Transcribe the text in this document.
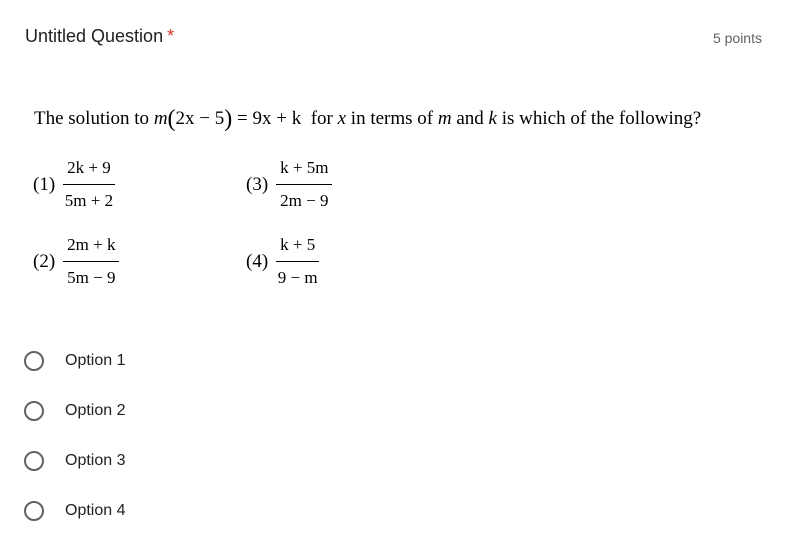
Untitled Question *	5 points
The solution to m(2x − 5) = 9x + k for x in terms of m and k is which of the following?
$(1) \frac{2k + 9}{5m + 2}$
$(2) \frac{2m + k}{5m - 9}$
$(3) \frac{k + 5m}{2m - 9}$
$(4) \frac{k + 5}{9 - m}$
Option 1
Option 2
Option 3
Option 4
